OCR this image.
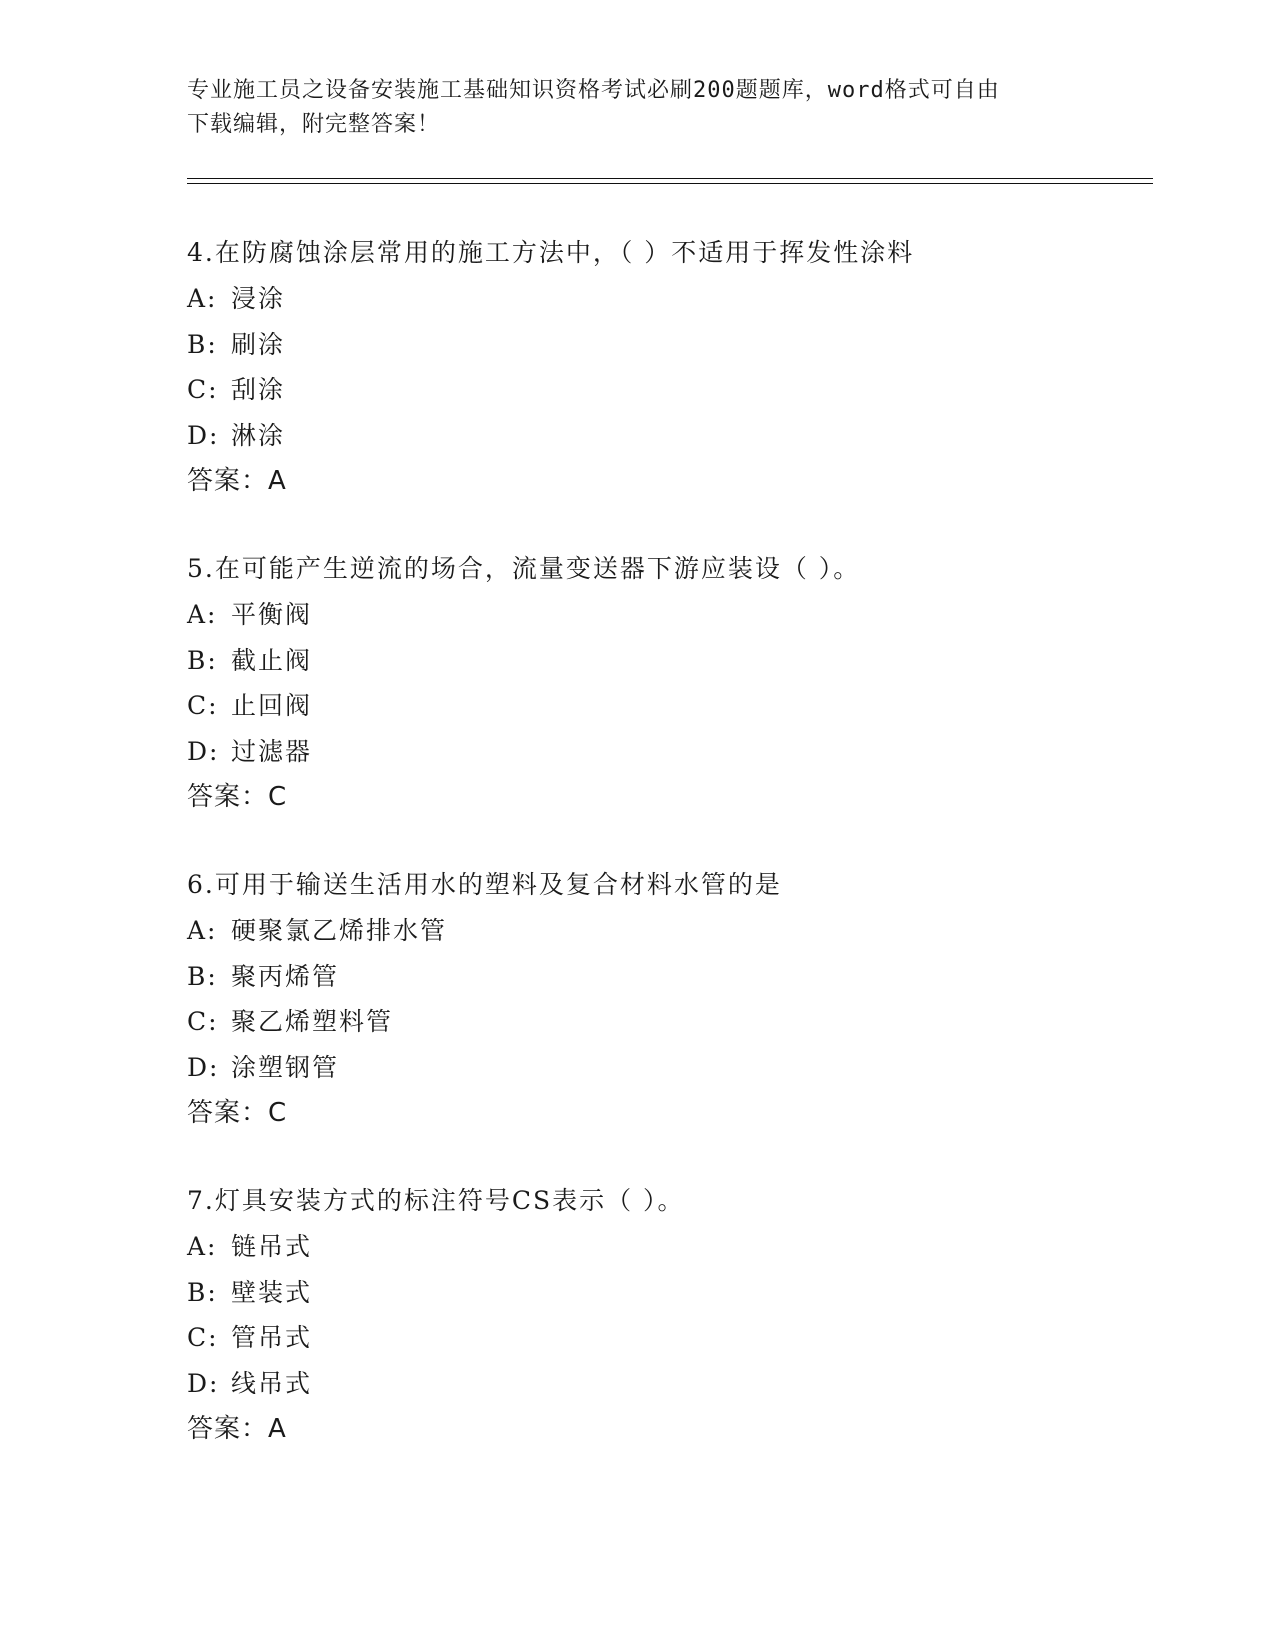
专业施工员之设备安装施工基础知识资格考试必刷200题题库，word格式可自由
下载编辑，附完整答案！
4.在防腐蚀涂层常用的施工方法中，（ ）不适用于挥发性涂料
A: 浸涂
B: 刷涂
C: 刮涂
D: 淋涂
答案：A
5.在可能产生逆流的场合，流量变送器下游应装设（ ）。
A: 平衡阀
B: 截止阀
C: 止回阀
D: 过滤器
答案：C
6.可用于输送生活用水的塑料及复合材料水管的是
A: 硬聚氯乙烯排水管
B: 聚丙烯管
C: 聚乙烯塑料管
D: 涂塑钢管
答案：C
7.灯具安装方式的标注符号CS表示（ ）。
A: 链吊式
B: 壁装式
C: 管吊式
D: 线吊式
答案：A
